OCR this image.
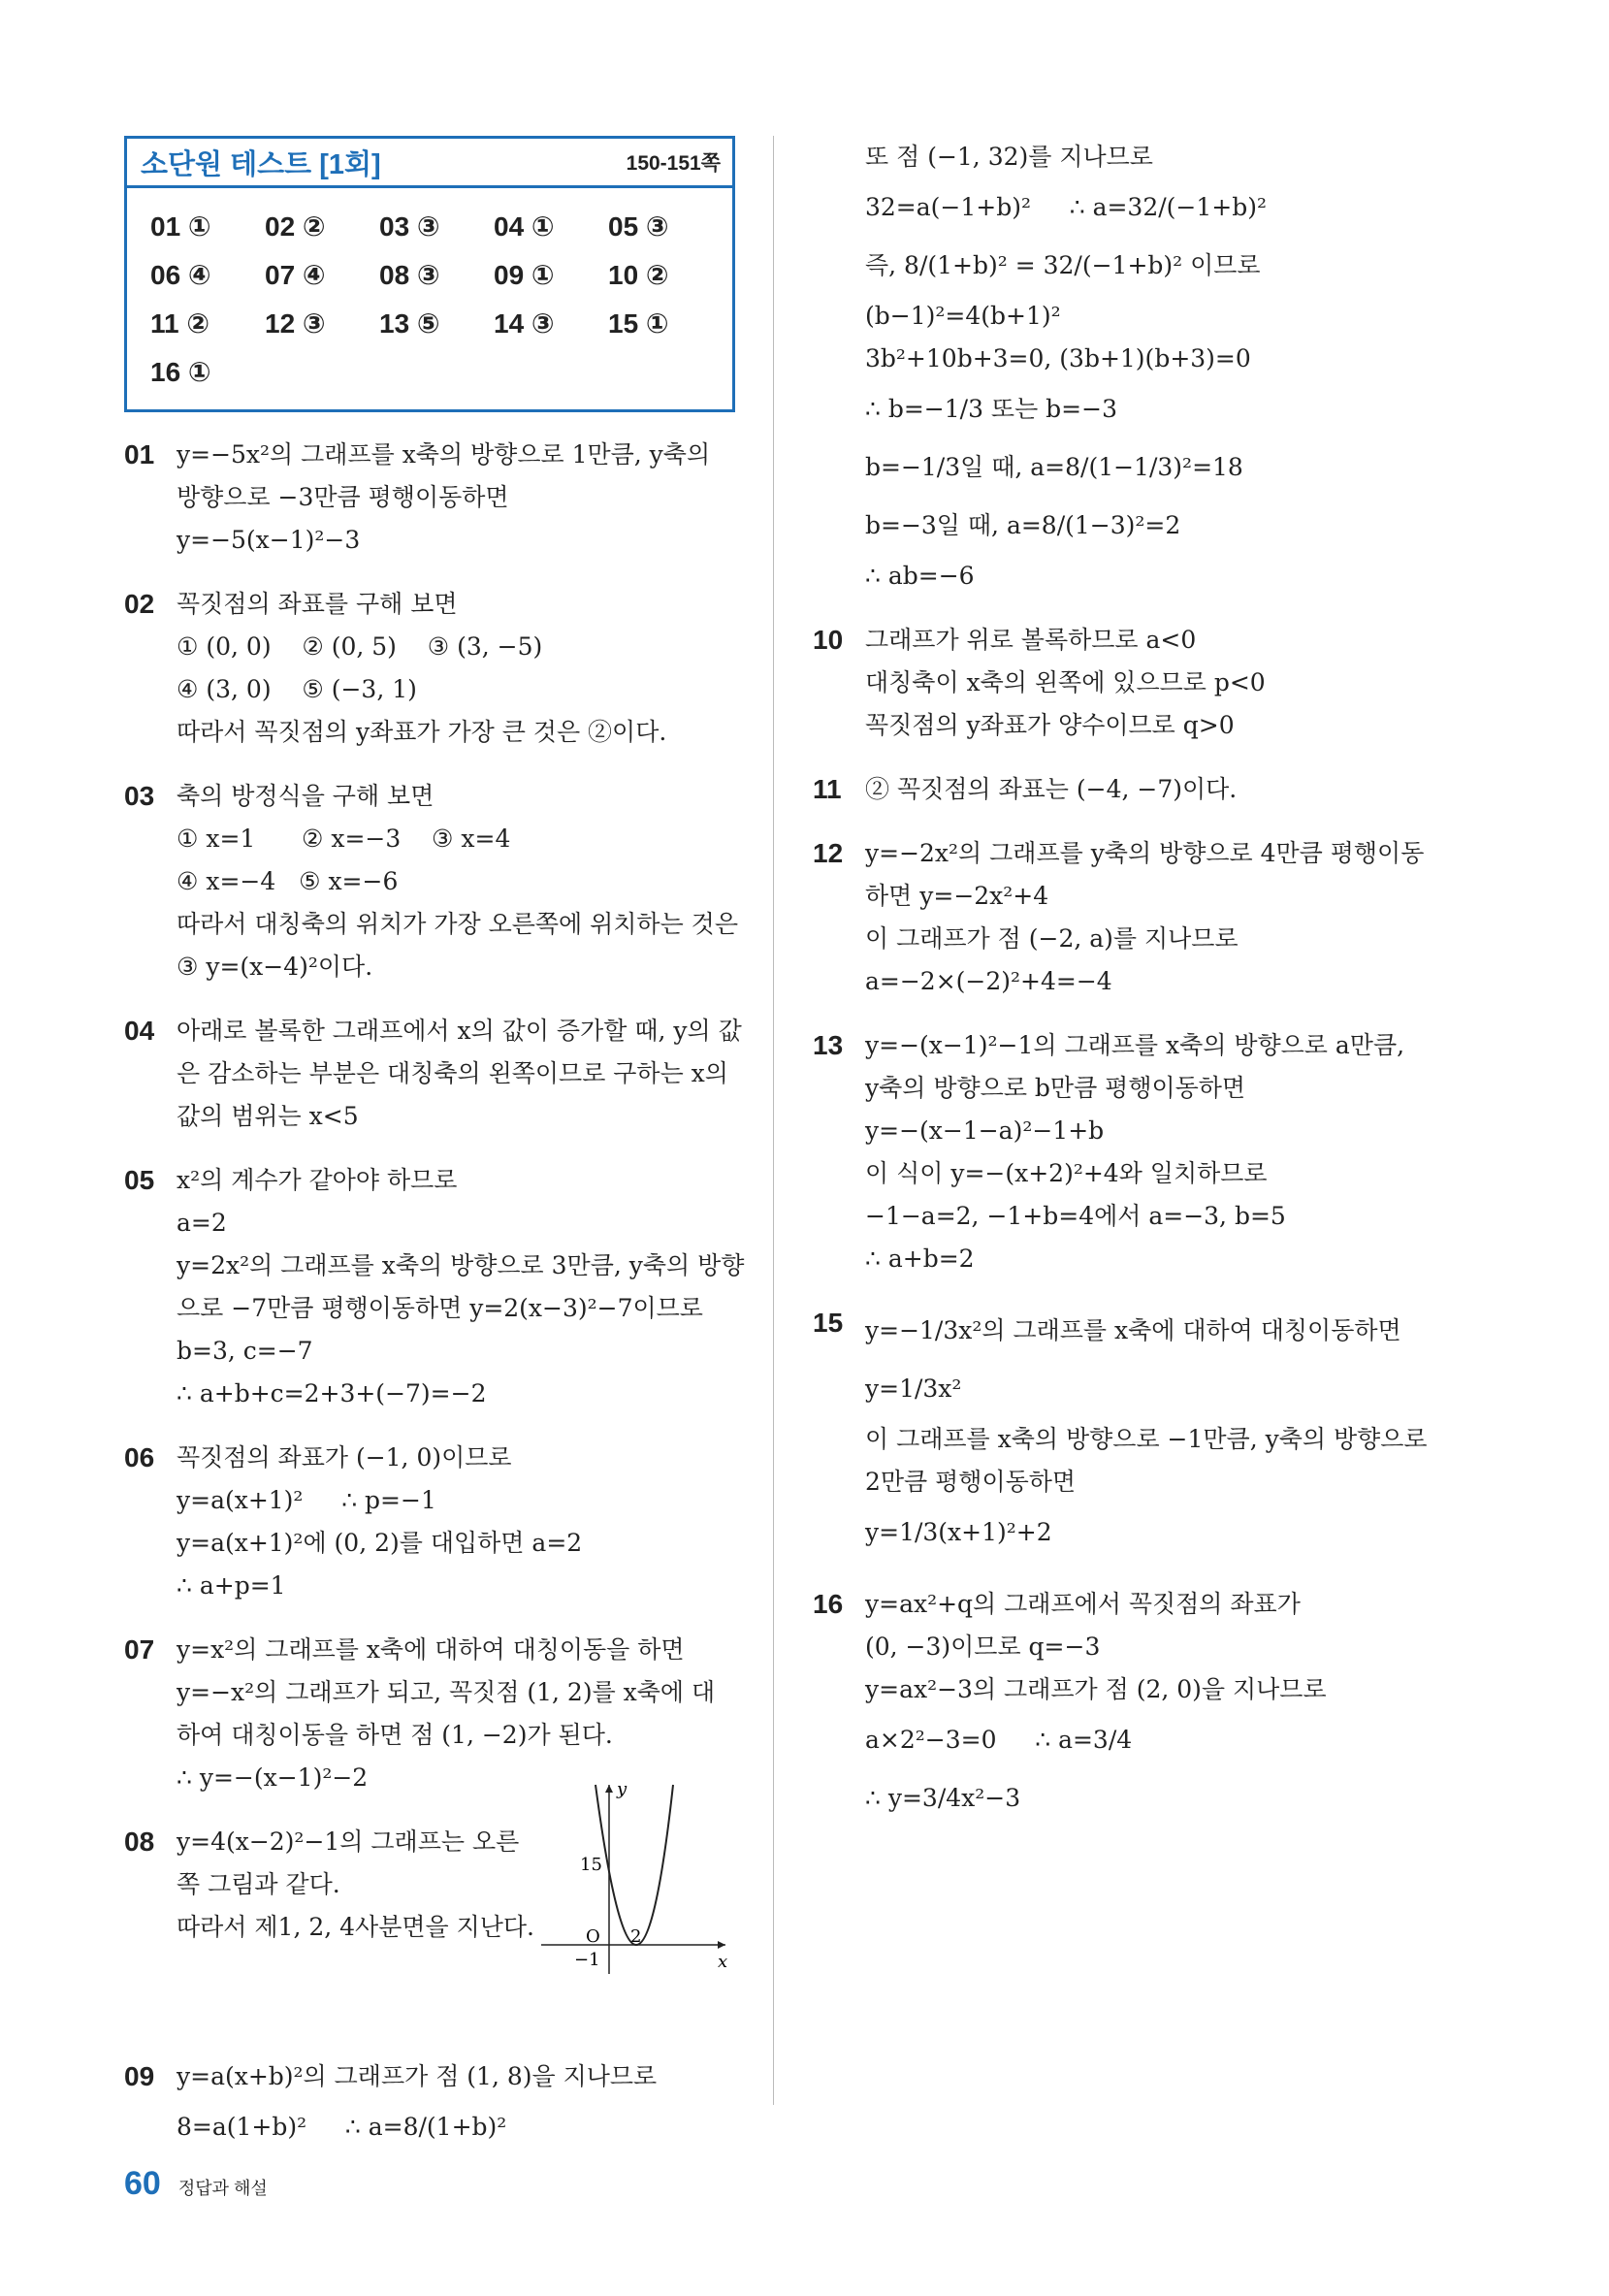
소단원 테스트 [1회]	150-151쪽
01 ①	02 ②	03 ③	04 ①	05 ③
06 ④	07 ④	08 ③	09 ①	10 ②
11 ②	12 ③	13 ⑤	14 ③	15 ①
16 ①
01 y=−5x²의 그래프를 x축의 방향으로 1만큼, y축의
방향으로 −3만큼 평행이동하면
y=−5(x−1)²−3
02 꼭짓점의 좌표를 구해 보면
① (0, 0)    ② (0, 5)    ③ (3, −5)
④ (3, 0)    ⑤ (−3, 1)
따라서 꼭짓점의 y좌표가 가장 큰 것은 ②이다.
03 축의 방정식을 구해 보면
① x=1      ② x=−3    ③ x=4
④ x=−4   ⑤ x=−6
따라서 대칭축의 위치가 가장 오른쪽에 위치하는 것은
③ y=(x−4)²이다.
04 아래로 볼록한 그래프에서 x의 값이 증가할 때, y의 값
은 감소하는 부분은 대칭축의 왼쪽이므로 구하는 x의
값의 범위는 x<5
05 x²의 계수가 같아야 하므로
a=2
y=2x²의 그래프를 x축의 방향으로 3만큼, y축의 방향
으로 −7만큼 평행이동하면 y=2(x−3)²−7이므로
b=3, c=−7
∴ a+b+c=2+3+(−7)=−2
06 꼭짓점의 좌표가 (−1, 0)이므로
y=a(x+1)²     ∴ p=−1
y=a(x+1)²에 (0, 2)를 대입하면 a=2
∴ a+p=1
07 y=x²의 그래프를 x축에 대하여 대칭이동을 하면
y=−x²의 그래프가 되고, 꼭짓점 (1, 2)를 x축에 대
하여 대칭이동을 하면 점 (1, −2)가 된다.
∴ y=−(x−1)²−2
08 y=4(x−2)²−1의 그래프는 오른
쪽 그림과 같다.
따라서 제1, 2, 4사분면을 지난다.
09 y=a(x+b)²의 그래프가 점 (1, 8)을 지나므로
8=a(1+b)²     ∴ a=8/(1+b)²
또 점 (−1, 32)를 지나므로
32=a(−1+b)²     ∴ a=32/(−1+b)²
즉, 8/(1+b)² = 32/(−1+b)² 이므로
(b−1)²=4(b+1)²
3b²+10b+3=0, (3b+1)(b+3)=0
∴ b=−1/3 또는 b=−3
b=−1/3일 때, a=8/(1−1/3)²=18
b=−3일 때, a=8/(1−3)²=2
∴ ab=−6
10 그래프가 위로 볼록하므로 a<0
대칭축이 x축의 왼쪽에 있으므로 p<0
꼭짓점의 y좌표가 양수이므로 q>0
11 ② 꼭짓점의 좌표는 (−4, −7)이다.
12 y=−2x²의 그래프를 y축의 방향으로 4만큼 평행이동
하면 y=−2x²+4
이 그래프가 점 (−2, a)를 지나므로
a=−2×(−2)²+4=−4
13 y=−(x−1)²−1의 그래프를 x축의 방향으로 a만큼,
y축의 방향으로 b만큼 평행이동하면
y=−(x−1−a)²−1+b
이 식이 y=−(x+2)²+4와 일치하므로
−1−a=2, −1+b=4에서 a=−3, b=5
∴ a+b=2
15 y=−1/3x²의 그래프를 x축에 대하여 대칭이동하면
y=1/3x²
이 그래프를 x축의 방향으로 −1만큼, y축의 방향으로
2만큼 평행이동하면
y=1/3(x+1)²+2
16 y=ax²+q의 그래프에서 꼭짓점의 좌표가
(0, −3)이므로 q=−3
y=ax²−3의 그래프가 점 (2, 0)을 지나므로
a×2²−3=0     ∴ a=3/4
∴ y=3/4x²−3
x
y
O
15
2
−1
60 정답과 해설
